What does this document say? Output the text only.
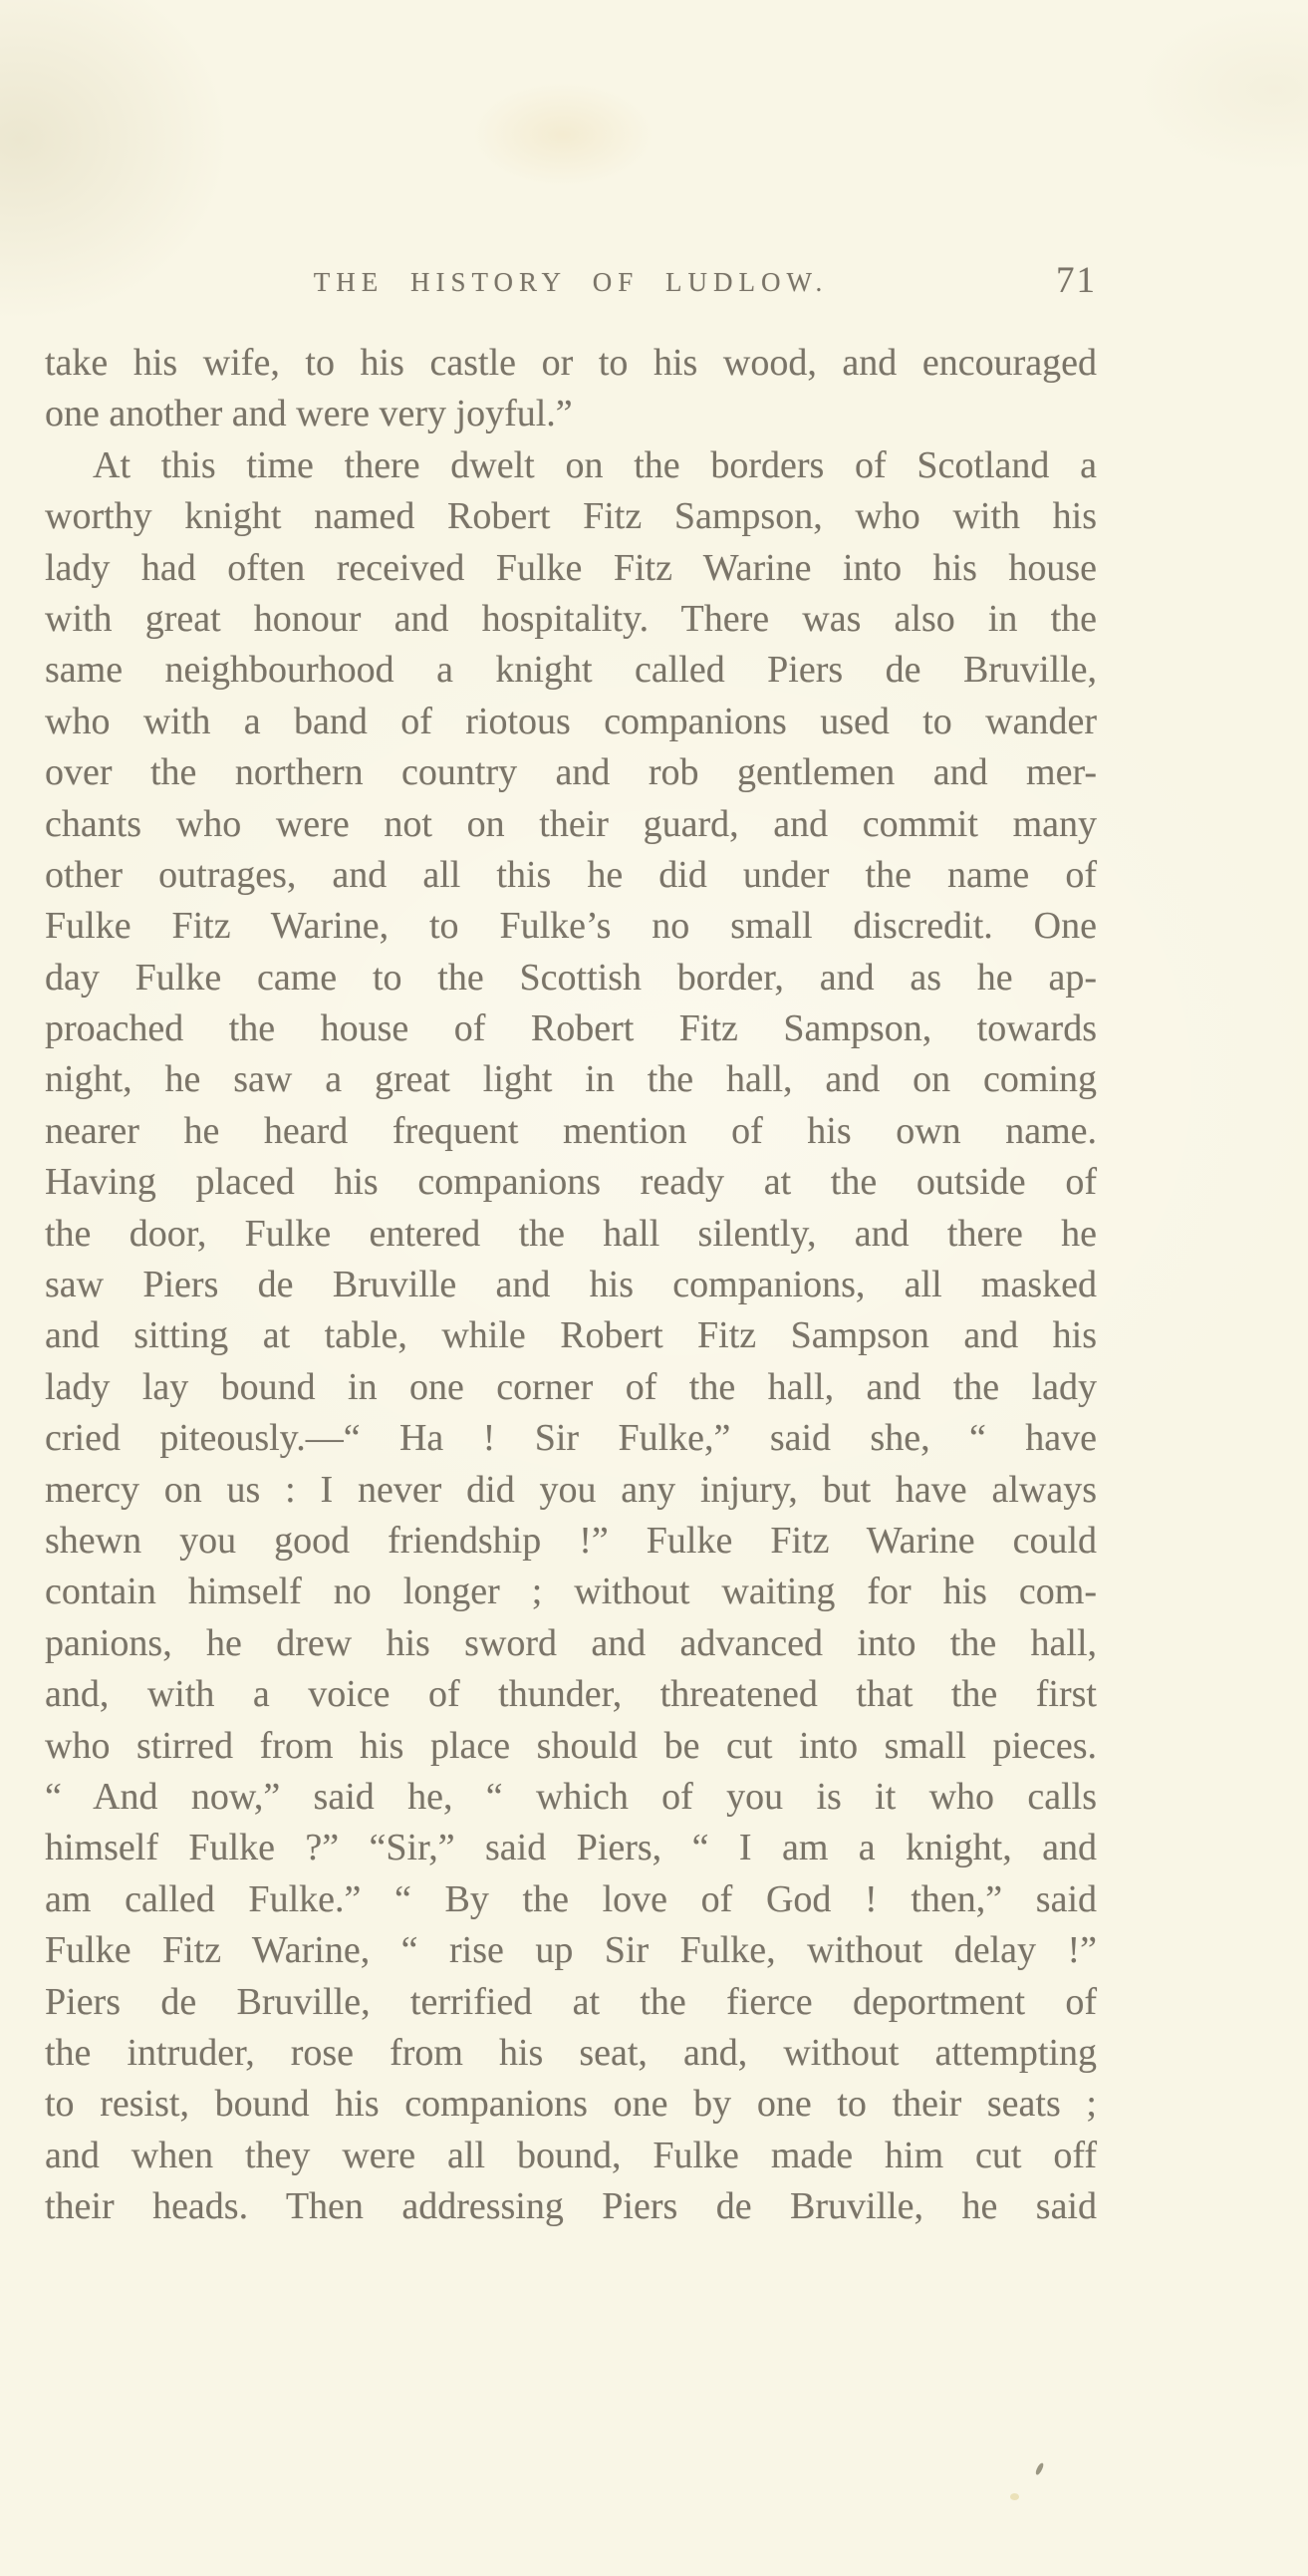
THE HISTORY OF LUDLOW.	71
take his wife, to his castle or to his wood, and encouraged
one another and were very joyful.”
At this time there dwelt on the borders of Scotland a
worthy knight named Robert Fitz Sampson, who with his
lady had often received Fulke Fitz Warine into his house
with great honour and hospitality. There was also in the
same neighbourhood a knight called Piers de Bruville,
who with a band of riotous companions used to wander
over the northern country and rob gentlemen and mer-
chants who were not on their guard, and commit many
other outrages, and all this he did under the name of
Fulke Fitz Warine, to Fulke’s no small discredit. One
day Fulke came to the Scottish border, and as he ap-
proached the house of Robert Fitz Sampson, towards
night, he saw a great light in the hall, and on coming
nearer he heard frequent mention of his own name.
Having placed his companions ready at the outside of
the door, Fulke entered the hall silently, and there he
saw Piers de Bruville and his companions, all masked
and sitting at table, while Robert Fitz Sampson and his
lady lay bound in one corner of the hall, and the lady
cried piteously.—“ Ha ! Sir Fulke,” said she, “ have
mercy on us : I never did you any injury, but have always
shewn you good friendship !” Fulke Fitz Warine could
contain himself no longer ; without waiting for his com-
panions, he drew his sword and advanced into the hall,
and, with a voice of thunder, threatened that the first
who stirred from his place should be cut into small pieces.
“ And now,” said he, “ which of you is it who calls
himself Fulke ?” “Sir,” said Piers, “ I am a knight, and
am called Fulke.” “ By the love of God ! then,” said
Fulke Fitz Warine, “ rise up Sir Fulke, without delay !”
Piers de Bruville, terrified at the fierce deportment of
the intruder, rose from his seat, and, without attempting
to resist, bound his companions one by one to their seats ;
and when they were all bound, Fulke made him cut off
their heads. Then addressing Piers de Bruville, he said
